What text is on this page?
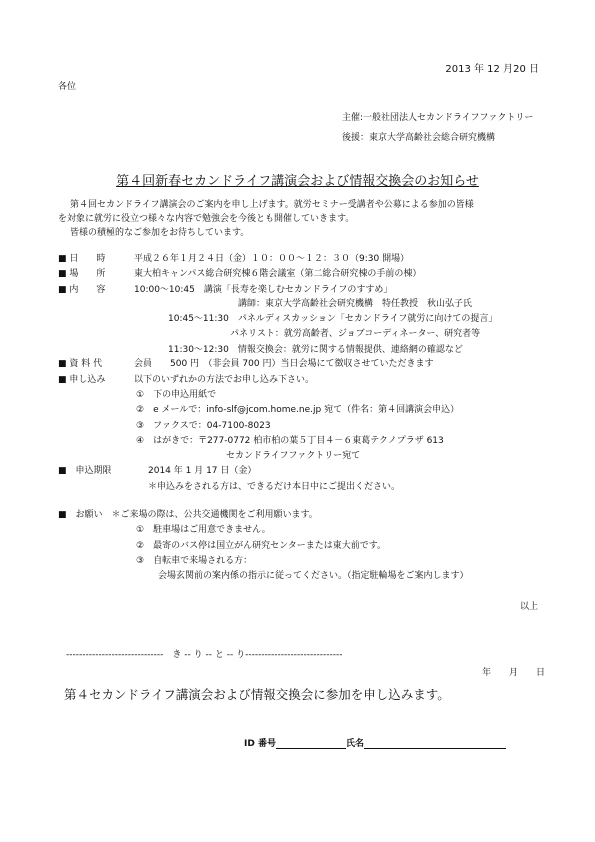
2013 年 12 月20 日
各位
主催:一般社団法人セカンドライフファクトリー
後援：東京大学高齢社会総合研究機構
第４回新春セカンドライフ講演会および情報交換会のお知らせ
第４回セカンドライフ講演会のご案内を申し上げます。就労セミナー受講者や公募による参加の皆様
を対象に就労に役立つ様々な内容で勉強会を今後とも開催していきます。
皆様の積極的なご参加をお待ちしています。
■ 日　　時	平成２６年１月２４日（金）１０：００～１２：３０（9:30 開場）
■ 場　　所	東大柏キャンパス総合研究棟６階会議室（第二総合研究棟の手前の棟）
■ 内　　容	10:00～10:45　講演「長寿を楽しむセカンドライフのすすめ」
講師：東京大学高齢社会研究機構　特任教授　秋山弘子氏
10:45～11:30　パネルディスカッション「セカンドライフ就労に向けての提言」
パネリスト：就労高齢者、ジョブコーディネーター、研究者等
11:30～12:30　情報交換会：就労に関する情報提供、連絡網の確認など
■ 資 料 代	会員　　500 円　（非会員 700 円）当日会場にて徴収させていただきます
■ 申し込み	以下のいずれかの方法でお申し込み下さい。
①　下の申込用紙で
②　e メールで：info-slf@jcom.home.ne.jp 宛て（件名：第４回講演会申込）
③　ファクスで：04-7100-8023
④　はがきで：〒277-0772 柏市柏の葉５丁目４－６東葛テクノプラザ 613
セカンドライフファクトリー宛て
■　申込期限	2014 年 1 月 17 日（金）
＊申込みをされる方は、できるだけ本日中にご提出ください。
■　お願い　＊ご来場の際は、公共交通機関をご利用願います。
①　駐車場はご用意できません。
②　最寄のバス停は国立がん研究センターまたは東大前です。
③　自転車で来場される方：
会場玄関前の案内係の指示に従ってください。（指定駐輪場をご案内します）
以上
------------------------------　き -- り -- と -- り------------------------------
年　　月　　日
第４セカンドライフ講演会および情報交換会に参加を申し込みます。
ID 番号	氏名
